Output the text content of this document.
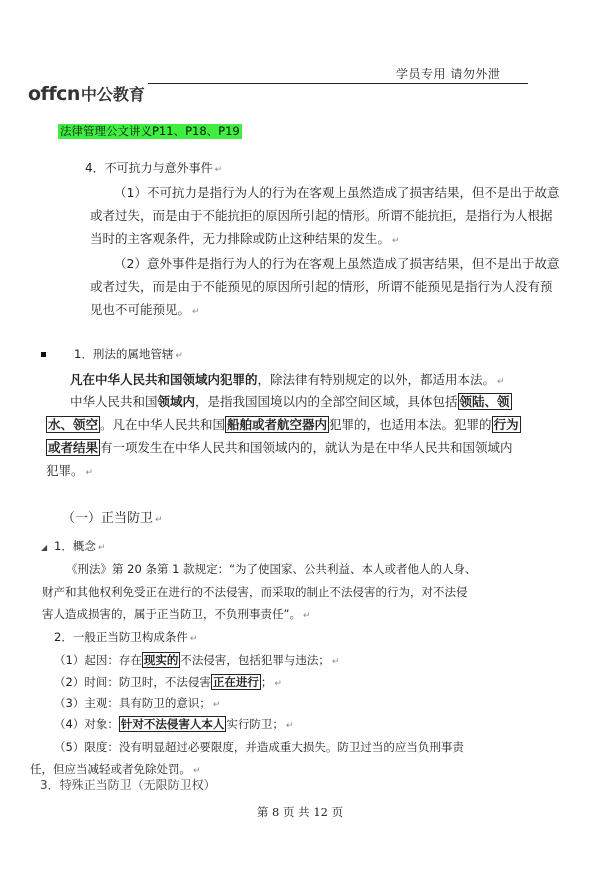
学员专用 请勿外泄
offcn 中公教育
法律管理公文讲义P11、P18、P19
4．不可抗力与意外事件 ↵
（1）不可抗力是指行为人的行为在客观上虽然造成了损害结果，但不是出于故意
或者过失，而是由于不能抗拒的原因所引起的情形。所谓不能抗拒，是指行为人根据
当时的主客观条件，无力排除或防止这种结果的发生。 ↵
（2）意外事件是指行为人的行为在客观上虽然造成了损害结果，但不是出于故意
或者过失，而是由于不能预见的原因所引起的情形，所谓不能预见是指行为人没有预
见也不可能预见。 ↵
1．刑法的属地管辖 ↵
凡在中华人民共和国领域内犯罪的，除法律有特别规定的以外，都适用本法。 ↵
中华人民共和国领域内，是指我国国境以内的全部空间区域，具体包括 领陆、领
水、领空 。凡在中华人民共和国 船舶或者航空器内 犯罪的，也适用本法。犯罪的 行为
或者结果 有一项发生在中华人民共和国领域内的，就认为是在中华人民共和国领域内
犯罪。 ↵
（一）正当防卫 ↵
◢ 1．概念 ↵
《刑法》第 20 条第 1 款规定：“为了使国家、公共利益、本人或者他人的人身、
财产和其他权利免受正在进行的不法侵害，而采取的制止不法侵害的行为，对不法侵
害人造成损害的，属于正当防卫，不负刑事责任”。 ↵
2．一般正当防卫构成条件 ↵
（1）起因：存在 现实的 不法侵害，包括犯罪与违法； ↵
（2）时间：防卫时，不法侵害 正在进行 ； ↵
（3）主观：具有防卫的意识； ↵
（4）对象： 针对不法侵害人本人 实行防卫； ↵
（5）限度：没有明显超过必要限度，并造成重大损失。防卫过当的应当负刑事责
任，但应当减轻或者免除处罚。 ↵
3．特殊正当防卫（无限防卫权）
第 8 页 共 12 页
